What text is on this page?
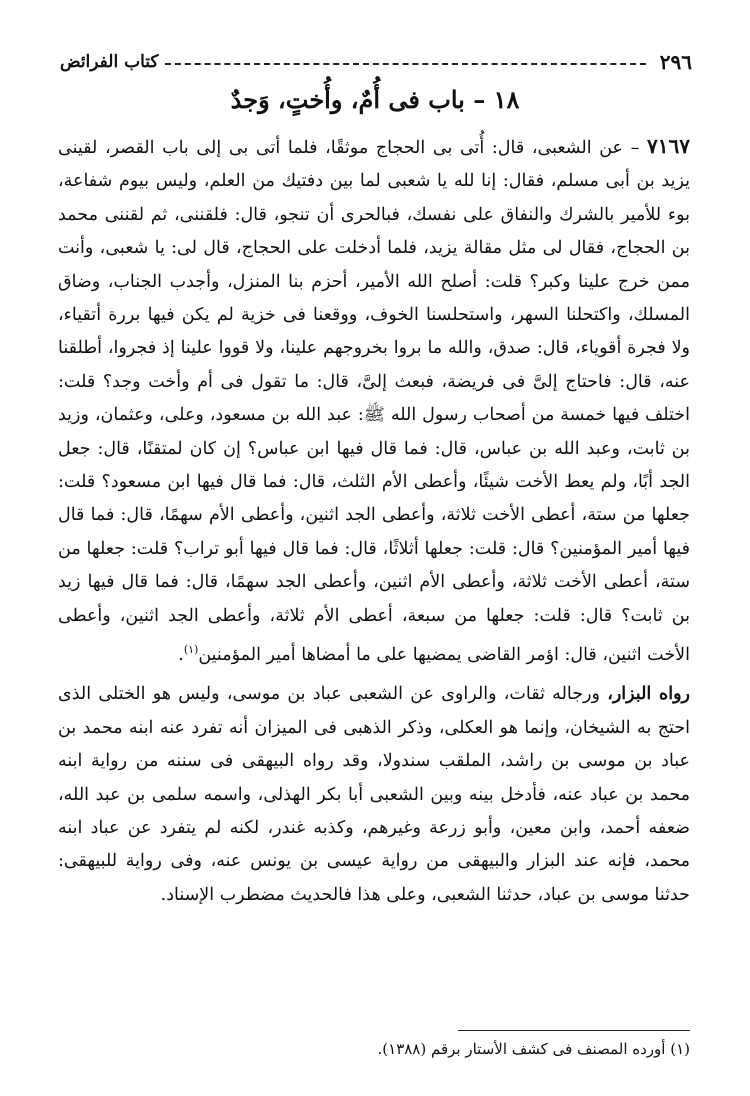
٢٩٦
كتاب الفرائض
١٨ – باب فى أُمٌ، وأُختٍ، وَجدٌ

٧١٦٧ – عن الشعبى، قال: أُتى بى الحجاج موثقًا، فلما أتى بى إلى باب القصر، لقينى يزيد بن أبى مسلم، فقال: إنا لله يا شعبى لما بين دفتيك من العلم، وليس بيوم شفاعة، بوء للأمير بالشرك والنفاق على نفسك، فبالحرى أن تنجو، قال: فلقننى، ثم لقننى محمد بن الحجاج، فقال لى مثل مقالة يزيد، فلما أدخلت على الحجاج، قال لى: يا شعبى، وأنت ممن خرج علينا وكبر؟ قلت: أصلح الله الأمير، أحزم بنا المنزل، وأجدب الجناب، وضاق المسلك، واكتحلنا السهر، واستحلسنا الخوف، ووقعنا فى خزية لم يكن فيها بررة أتقياء، ولا فجرة أقوياء، قال: صدق، والله ما بروا بخروجهم علينا، ولا قووا علينا إذ فجروا، أطلقنا عنه، قال: فاحتاج إلىَّ فى فريضة، فبعث إلىَّ، قال: ما تقول فى أم وأخت وجد؟ قلت: اختلف فيها خمسة من أصحاب رسول الله ﷺ: عبد الله بن مسعود، وعلى، وعثمان، وزيد بن ثابت، وعبد الله بن عباس، قال: فما قال فيها ابن عباس؟ إن كان لمتقنًا، قال: جعل الجد أبًا، ولم يعط الأخت شيئًا، وأعطى الأم الثلث، قال: فما قال فيها ابن مسعود؟ قلت: جعلها من ستة، أعطى الأخت ثلاثة، وأعطى الجد اثنين، وأعطى الأم سهمًا، قال: فما قال فيها أمير المؤمنين؟ قال: قلت: جعلها أثلاثًا، قال: فما قال فيها أبو تراب؟ قلت: جعلها من ستة، أعطى الأخت ثلاثة، وأعطى الأم اثنين، وأعطى الجد سهمًا، قال: فما قال فيها زيد بن ثابت؟ قال: قلت: جعلها من سبعة، أعطى الأم ثلاثة، وأعطى الجد اثنين، وأعطى الأخت اثنين، قال: اؤمر القاضى يمضيها على ما أمضاها أمير المؤمنين$^{(١)}$.

رواه البزار، ورجاله ثقات، والراوى عن الشعبى عباد بن موسى، وليس هو الختلى الذى احتج به الشيخان، وإنما هو العكلى، وذكر الذهبى فى الميزان أنه تفرد عنه ابنه محمد بن عباد بن موسى بن راشد، الملقب سندولا، وقد رواه البيهقى فى سننه من رواية ابنه محمد بن عباد عنه، فأدخل بينه وبين الشعبى أبا بكر الهذلى، واسمه سلمى بن عبد الله، ضعفه أحمد، وابن معين، وأبو زرعة وغيرهم، وكذبه غندر، لكنه لم يتفرد عن عباد ابنه محمد، فإنه عند البزار والبيهقى من رواية عيسى بن يونس عنه، وفى رواية للبيهقى: حدثنا موسى بن عباد، حدثنا الشعبى، وعلى هذا فالحديث مضطرب الإسناد.

(١) أورده المصنف فى كشف الأستار برقم (١٣٨٨).
